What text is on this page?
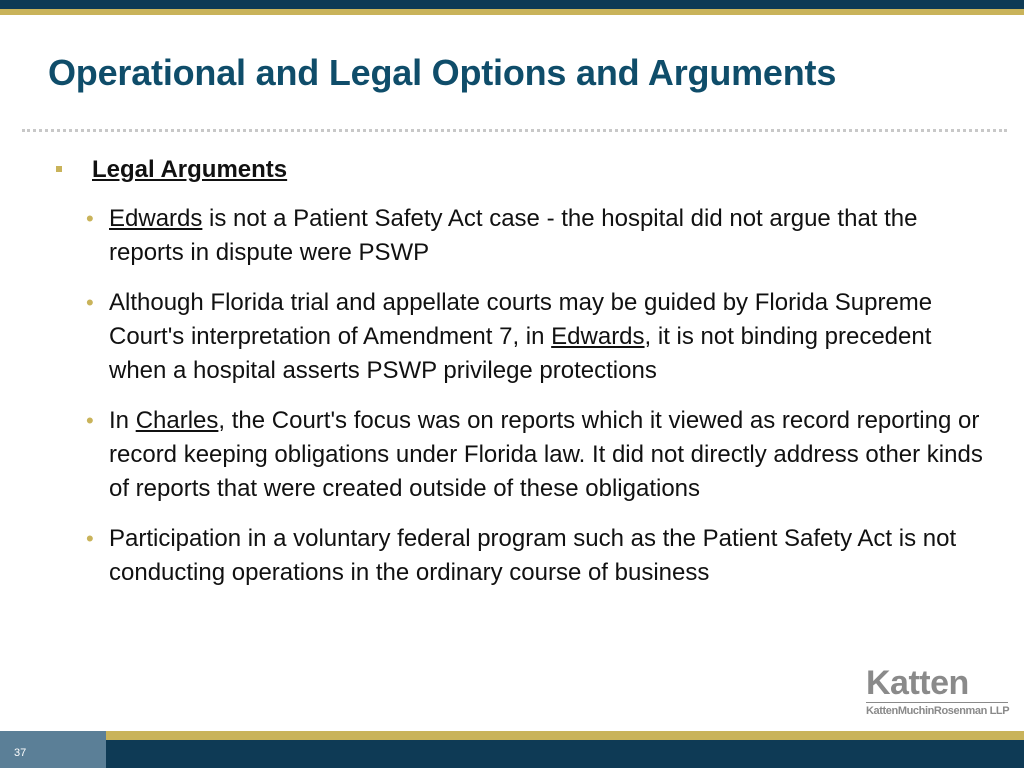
Operational and Legal Options and Arguments
Legal Arguments
• Edwards is not a Patient Safety Act case - the hospital did not argue that the reports in dispute were PSWP
• Although Florida trial and appellate courts may be guided by Florida Supreme Court's interpretation of Amendment 7, in Edwards, it is not binding precedent when a hospital asserts PSWP privilege protections
• In Charles, the Court's focus was on reports which it viewed as record reporting or record keeping obligations under Florida law. It did not directly address other kinds of reports that were created outside of these obligations
• Participation in a voluntary federal program such as the Patient Safety Act is not conducting operations in the ordinary course of business
Katten
KattenMuchinRosenman LLP
37
